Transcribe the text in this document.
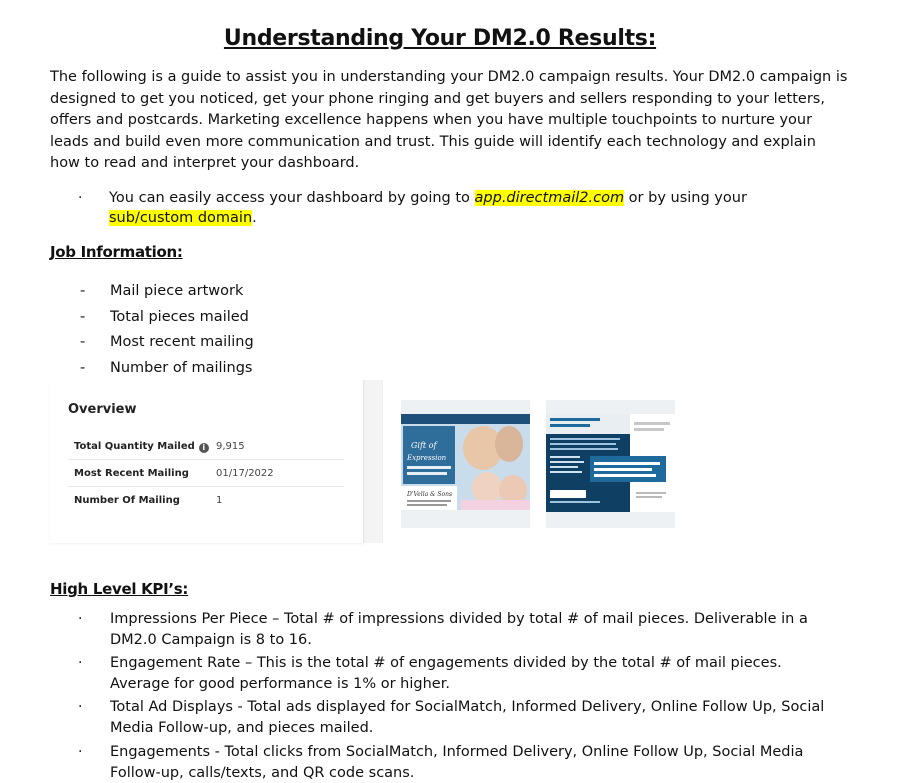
Understanding Your DM2.0 Results:

The following is a guide to assist you in understanding your DM2.0 campaign results. Your DM2.0 campaign is designed to get you noticed, get your phone ringing and get buyers and sellers responding to your letters, offers and postcards. Marketing excellence happens when you have multiple touchpoints to nurture your leads and build even more communication and trust. This guide will identify each technology and explain how to read and interpret your dashboard.

· You can easily access your dashboard by going to app.directmail2.com or by using your sub/custom domain.
Job Information:
- Mail piece artwork
- Total pieces mailed
- Most recent mailing
- Number of mailings
Overview
Total Quantity Mailed i	9,915
Most Recent Mailing	01/17/2022
Number Of Mailing	1
Gift of
Expression
D'Vella & Sons
High Level KPI’s:
· Impressions Per Piece – Total # of impressions divided by total # of mail pieces. Deliverable in a DM2.0 Campaign is 8 to 16.
· Engagement Rate – This is the total # of engagements divided by the total # of mail pieces. Average for good performance is 1% or higher.
· Total Ad Displays - Total ads displayed for SocialMatch, Informed Delivery, Online Follow Up, Social Media Follow-up, and pieces mailed.
· Engagements - Total clicks from SocialMatch, Informed Delivery, Online Follow Up, Social Media Follow-up, calls/texts, and QR code scans.
